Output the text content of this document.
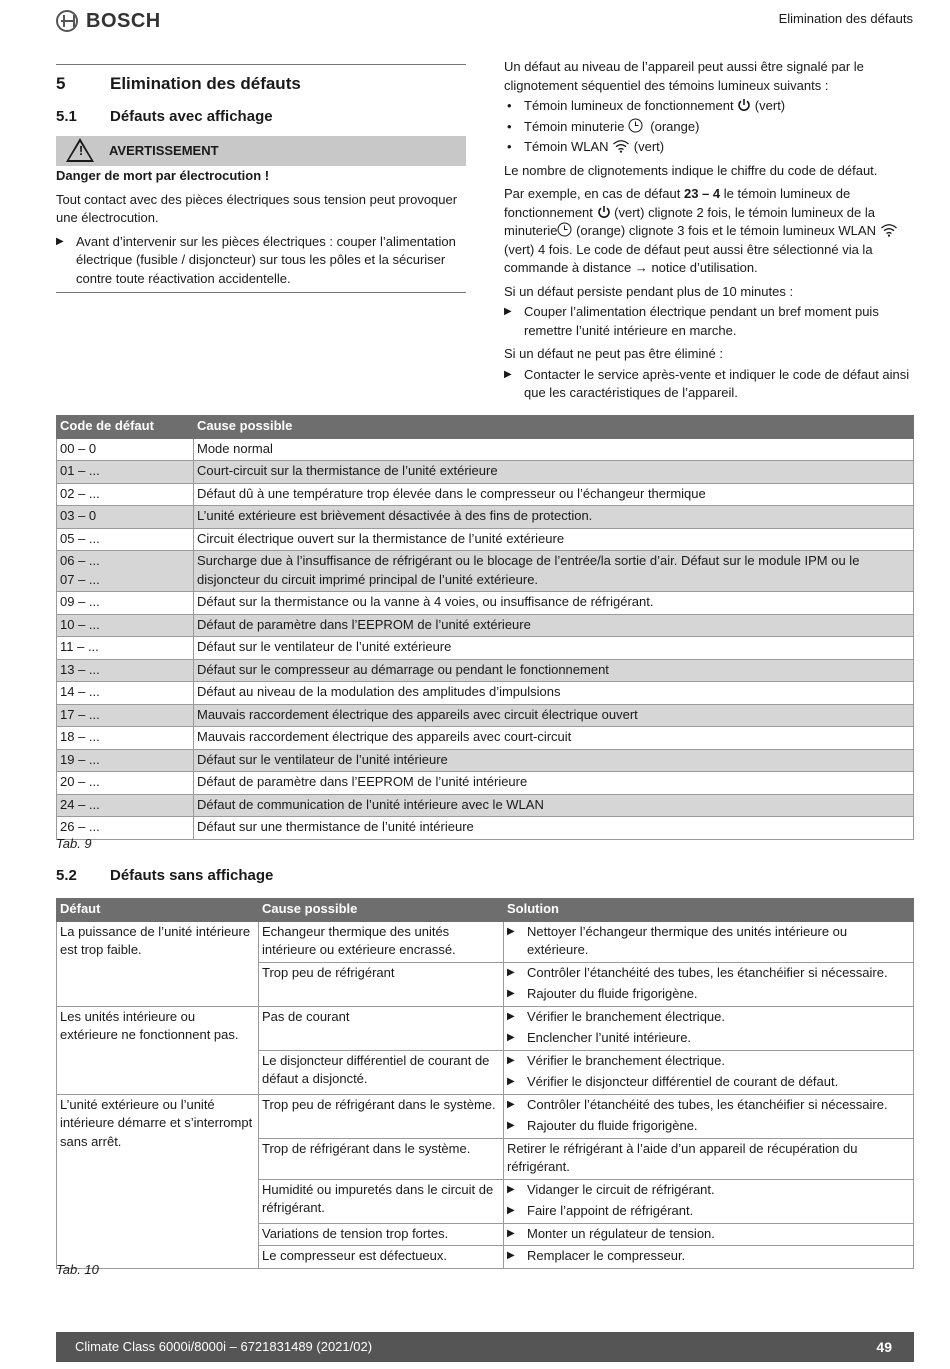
BOSCH	Elimination des défauts
5	Elimination des défauts
5.1	Défauts avec affichage
! AVERTISSEMENT

Danger de mort par électrocution !

Tout contact avec des pièces électriques sous tension peut provoquer une électrocution.

▶ Avant d’intervenir sur les pièces électriques : couper l’alimentation électrique (fusible / disjoncteur) sur tous les pôles et la sécuriser contre toute réactivation accidentelle.

Un défaut au niveau de l’appareil peut aussi être signalé par le clignotement séquentiel des témoins lumineux suivants :

• Témoin lumineux de fonctionnement  (vert)
• Témoin minuterie   (orange)
• Témoin WLAN  (vert)

Le nombre de clignotements indique le chiffre du code de défaut.

Par exemple, en cas de défaut 23 – 4 le témoin lumineux de fonctionnement (vert) clignote 2 fois, le témoin lumineux de la minuterie (orange) clignote 3 fois et le témoin lumineux WLAN  (vert) 4 fois. Le code de défaut peut aussi être sélectionné via la commande à distance → notice d’utilisation.

Si un défaut persiste pendant plus de 10 minutes :

▶ Couper l’alimentation électrique pendant un bref moment puis remettre l’unité intérieure en marche.

Si un défaut ne peut pas être éliminé :

▶ Contacter le service après-vente et indiquer le code de défaut ainsi que les caractéristiques de l’appareil.
Code de défaut	Cause possible

00 – 0	Mode normal

01 – ...	Court-circuit sur la thermistance de l’unité extérieure

02 – ...	Défaut dû à une température trop élevée dans le compresseur ou l’échangeur thermique

03 – 0	L’unité extérieure est brièvement désactivée à des fins de protection.

05 – ...	Circuit électrique ouvert sur la thermistance de l’unité extérieure

06 – ...
07 – ...	Surcharge due à l’insuffisance de réfrigérant ou le blocage de l’entrée/la sortie d’air. Défaut sur le module IPM ou le disjoncteur du circuit imprimé principal de l’unité extérieure.

09 – ...	Défaut sur la thermistance ou la vanne à 4 voies, ou insuffisance de réfrigérant.

10 – ...	Défaut de paramètre dans l’EEPROM de l’unité extérieure

11 – ...	Défaut sur le ventilateur de l’unité extérieure

13 – ...	Défaut sur le compresseur au démarrage ou pendant le fonctionnement

14 – ...	Défaut au niveau de la modulation des amplitudes d’impulsions

17 – ...	Mauvais raccordement électrique des appareils avec circuit électrique ouvert

18 – ...	Mauvais raccordement électrique des appareils avec court-circuit

19 – ...	Défaut sur le ventilateur de l’unité intérieure

20 – ...	Défaut de paramètre dans l’EEPROM de l’unité intérieure

24 – ...	Défaut de communication de l’unité intérieure avec le WLAN

26 – ...	Défaut sur une thermistance de l’unité intérieure
Tab. 9
5.2	Défauts sans affichage
Défaut	Cause possible	Solution
La puissance de l’unité intérieure est trop faible.	Echangeur thermique des unités intérieure ou extérieure encrassé.	▶ Nettoyer l’échangeur thermique des unités intérieure ou extérieure.

	Trop peu de réfrigérant	▶ Contrôler l’étanchéité des tubes, les étanchéifier si nécessaire.
▶ Rajouter du fluide frigorigène.

Les unités intérieure ou extérieure ne fonctionnent pas.	Pas de courant	▶ Vérifier le branchement électrique.
▶ Enclencher l’unité intérieure.

	Le disjoncteur différentiel de courant de défaut a disjoncté.	▶ Vérifier le branchement électrique.
▶ Vérifier le disjoncteur différentiel de courant de défaut.

L’unité extérieure ou l’unité intérieure démarre et s’interrompt sans arrêt.	Trop peu de réfrigérant dans le système.	▶ Contrôler l’étanchéité des tubes, les étanchéifier si nécessaire.
▶ Rajouter du fluide frigorigène.

	Trop de réfrigérant dans le système.	Retirer le réfrigérant à l’aide d’un appareil de récupération du réfrigérant.

	Humidité ou impuretés dans le circuit de réfrigérant.	▶ Vidanger le circuit de réfrigérant.
▶ Faire l’appoint de réfrigérant.

	Variations de tension trop fortes.	▶ Monter un régulateur de tension.

	Le compresseur est défectueux.	▶ Remplacer le compresseur.
Tab. 10
Climate Class 6000i/8000i – 6721831489 (2021/02)	49
